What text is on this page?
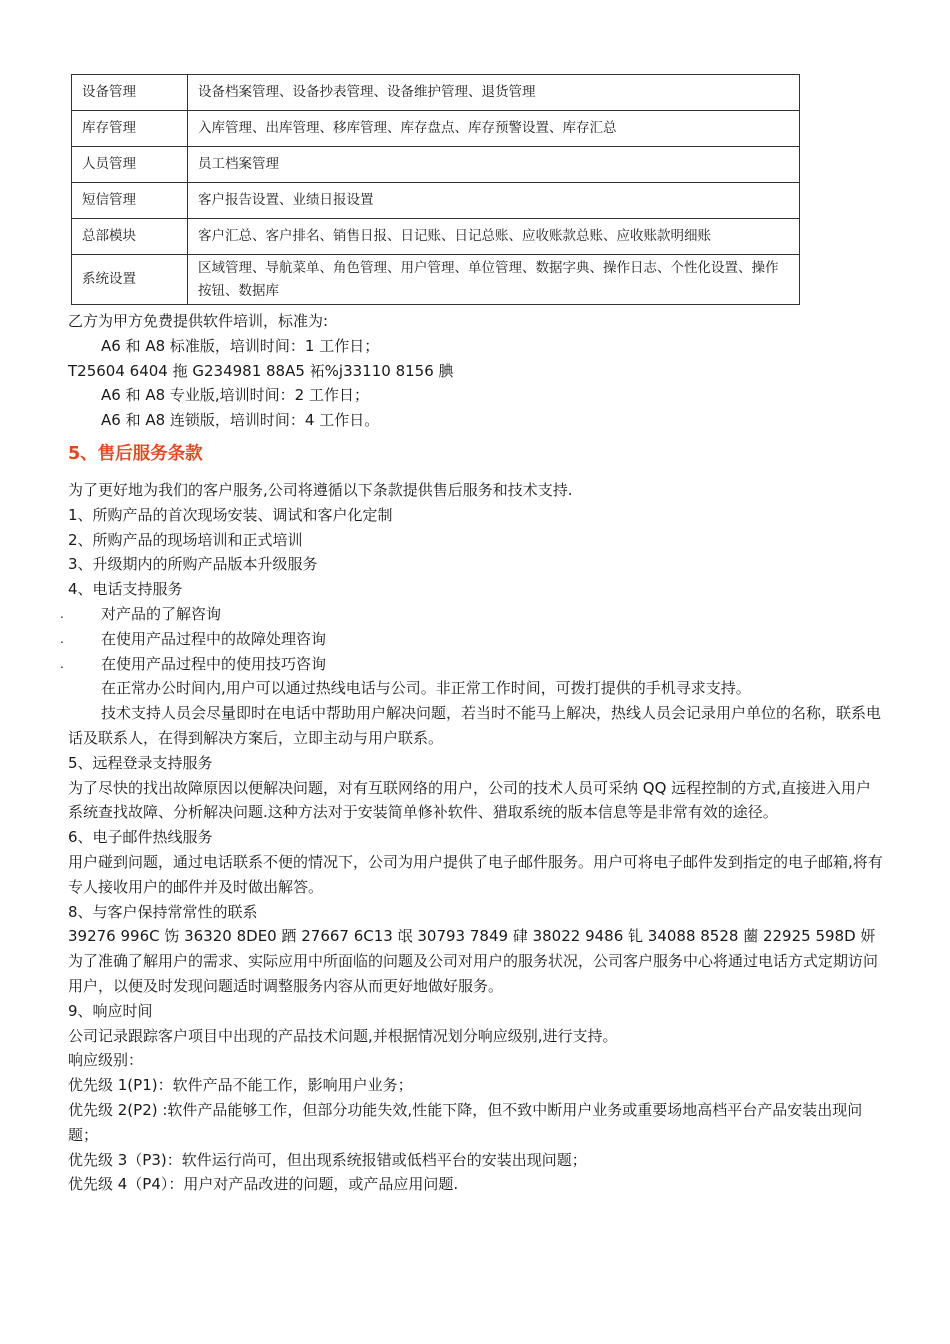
设备管理	设备档案管理、设备抄表管理、设备维护管理、退货管理
库存管理	入库管理、出库管理、移库管理、库存盘点、库存预警设置、库存汇总
人员管理	员工档案管理
短信管理	客户报告设置、业绩日报设置
总部模块	客户汇总、客户排名、销售日报、日记账、日记总账、应收账款总账、应收账款明细账
系统设置	区域管理、导航菜单、角色管理、用户管理、单位管理、数据字典、操作日志、个性化设置、操作按钮、数据库

乙方为甲方免费提供软件培训，标准为:

A6 和 A8 标准版，培训时间：1 工作日；

T25604 6404 拖 G234981 88A5 袥%j33110 8156 腆

A6 和 A8 专业版,培训时间：2 工作日；

A6 和 A8 连锁版，培训时间：4 工作日。

5、售后服务条款

为了更好地为我们的客户服务,公司将遵循以下条款提供售后服务和技术支持.

1、所购产品的首次现场安装、调试和客户化定制

2、所购产品的现场培训和正式培训

3、升级期内的所购产品版本升级服务

4、电话支持服务

. 对产品的了解咨询

. 在使用产品过程中的故障处理咨询

. 在使用产品过程中的使用技巧咨询

在正常办公时间内,用户可以通过热线电话与公司。非正常工作时间，可拨打提供的手机寻求支持。

技术支持人员会尽量即时在电话中帮助用户解决问题，若当时不能马上解决，热线人员会记录用户单位的名称，联系电话及联系人，在得到解决方案后，立即主动与用户联系。

5、远程登录支持服务

为了尽快的找出故障原因以便解决问题，对有互联网络的用户，公司的技术人员可采纳 QQ 远程控制的方式,直接进入用户系统查找故障、分析解决问题.这种方法对于安装简单修补软件、猎取系统的版本信息等是非常有效的途径。

6、电子邮件热线服务

用户碰到问题，通过电话联系不便的情况下，公司为用户提供了电子邮件服务。用户可将电子邮件发到指定的电子邮箱,将有专人接收用户的邮件并及时做出解答。

8、与客户保持常常性的联系

39276 996C 饬 36320 8DE0 跴 27667 6C13 氓 30793 7849 硉 38022 9486 钆 34088 8528 蔨 22925 598D 妍

为了准确了解用户的需求、实际应用中所面临的问题及公司对用户的服务状况，公司客户服务中心将通过电话方式定期访问用户，以便及时发现问题适时调整服务内容从而更好地做好服务。

9、响应时间

公司记录跟踪客户项目中出现的产品技术问题,并根据情况划分响应级别,进行支持。

响应级别：

优先级 1(P1)：软件产品不能工作，影响用户业务；

优先级 2(P2) :软件产品能够工作，但部分功能失效,性能下降，但不致中断用户业务或重要场地高档平台产品安装出现问题；

优先级 3（P3)：软件运行尚可，但出现系统报错或低档平台的安装出现问题；

优先级 4（P4）：用户对产品改进的问题，或产品应用问题.
